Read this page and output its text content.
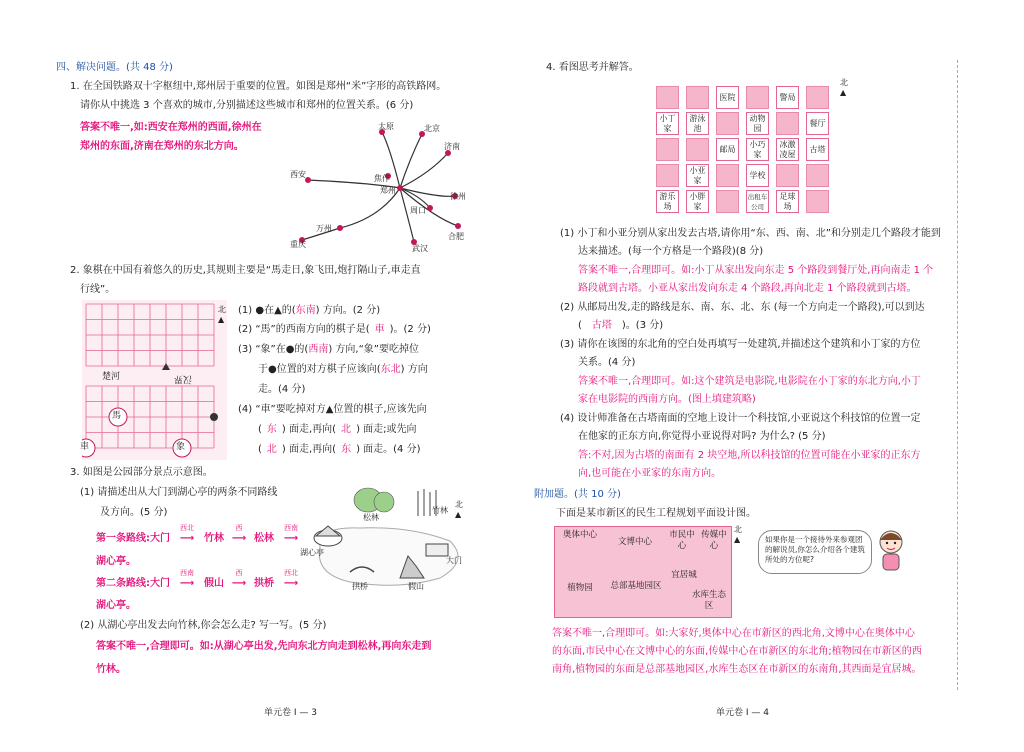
四、解决问题。(共 48 分)
1. 在全国铁路双十字枢纽中,郑州居于重要的位置。如图是郑州“米”字形的高铁路网。
请你从中挑选 3 个喜欢的城市,分别描述这些城市和郑州的位置关系。(6 分)
答案不唯一,如:西安在郑州的西面,徐州在
郑州的东面,济南在郑州的东北方向。
太原	北京
济南
焦作
郑州
西安
周口
徐州
万州
重庆	武汉
合肥
2. 象棋在中国有着悠久的历史,其规则主要是“馬走日,象飞田,炮打隔山子,車走直
行线”。
北
▲
楚河	汉界
馬
車	象
(1) ●在▲的(东南) 方向。(2 分)
(2) “馬”的西南方向的棋子是( 車 )。(2 分)
(3) “象”在●的(西南) 方向,“象”要吃掉位
于●位置的对方棋子应该向(东北) 方向
走。(4 分)
(4) “車”要吃掉对方▲位置的棋子,应该先向
( 东 ) 面走,再向( 北 ) 面走;或先向
( 北 ) 面走,再向( 东 ) 面走。(4 分)
3. 如图是公园部分景点示意图。
(1) 请描述出从大门到湖心亭的两条不同路线
及方向。(5 分)
第一条路线:大门
西北
⟶ 竹林
西
⟶ 松林
西南
⟶
湖心亭。
第二条路线:大门
西南
⟶ 假山
西
⟶ 拱桥
西北
⟶
湖心亭。
北
▲
松林
竹林
湖心亭
大门
拱桥	假山
(2) 从湖心亭出发去向竹林,你会怎么走? 写一写。(5 分)
答案不唯一,合理即可。如:从湖心亭出发,先向东北方向走到松林,再向东走到
竹林。
单元卷 I — 3
4. 看图思考并解答。
北
▲
医院	警局
小丁家
游泳池
动物园
餐厅
邮局
小巧家
冰激凌屋
古塔
小亚家
学校
游乐场
小胖家
出租车公司
足球场
(1) 小丁和小亚分别从家出发去古塔,请你用“东、西、南、北”和分别走几个路段才能到
达来描述。(每一个方格是一个路段)(8 分)
答案不唯一,合理即可。如:小丁从家出发向东走 5 个路段到餐厅处,再向南走 1 个
路段就到古塔。小亚从家出发向东走 4 个路段,再向北走 1 个路段就到古塔。
(2) 从邮局出发,走的路线是东、南、东、北、东 (每一个方向走一个路段),可以到达
( 古塔 )。(3 分)
(3) 请你在该图的东北角的空白处再填写一处建筑,并描述这个建筑和小丁家的方位
关系。(4 分)
答案不唯一,合理即可。如:这个建筑是电影院,电影院在小丁家的东北方向,小丁
家在电影院的西南方向。(图上填建筑略)
(4) 设计师准备在古塔南面的空地上设计一个科技馆,小亚说这个科技馆的位置一定
在他家的正东方向,你觉得小亚说得对吗? 为什么? (5 分)
答:不对,因为古塔的南面有 2 块空地,所以科技馆的位置可能在小亚家的正东方
向,也可能在小亚家的东南方向。
附加题。(共 10 分)
下面是某市新区的民生工程规划平面设计图。
奥体中心
文博中心
市民中心
传媒中心
植物园	总部基地园区
宜居城
水库生态区
北
▲	如果你是一个接待外来参观团的解说员,你怎么介绍各个建筑所处的方位呢?
答案不唯一,合理即可。如:大家好,奥体中心在市新区的西北角,文博中心在奥体中心
的东面,市民中心在文博中心的东面,传媒中心在市新区的东北角;植物园在市新区的西
南角,植物园的东面是总部基地园区,水库生态区在市新区的东南角,其西面是宜居城。
单元卷 I — 4
